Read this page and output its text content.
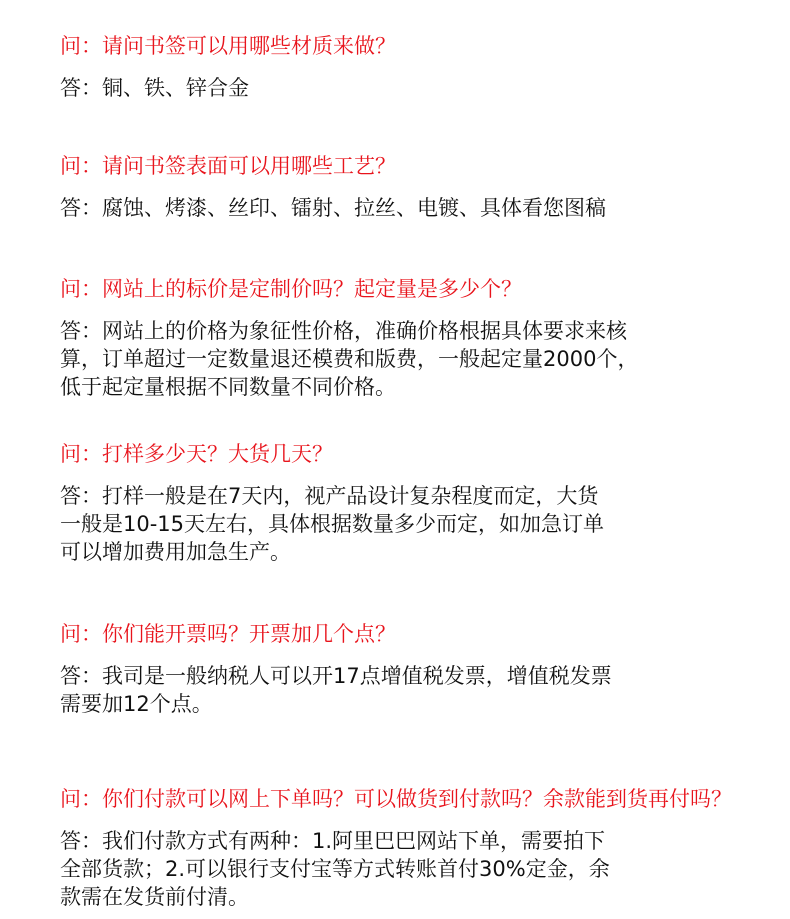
问：请问书签可以用哪些材质来做？
答：铜、铁、锌合金
问：请问书签表面可以用哪些工艺？
答：腐蚀、烤漆、丝印、镭射、拉丝、电镀、具体看您图稿
问：网站上的标价是定制价吗？起定量是多少个？
答：网站上的价格为象征性价格，准确价格根据具体要求来核
算，订单超过一定数量退还模费和版费，一般起定量2000个，
低于起定量根据不同数量不同价格。
问：打样多少天？大货几天？
答：打样一般是在7天内，视产品设计复杂程度而定，大货
一般是10-15天左右，具体根据数量多少而定，如加急订单
可以增加费用加急生产。
问：你们能开票吗？开票加几个点？
答：我司是一般纳税人可以开17点增值税发票，增值税发票
需要加12个点。
问：你们付款可以网上下单吗？可以做货到付款吗？余款能到货再付吗？
答：我们付款方式有两种：1.阿里巴巴网站下单，需要拍下
全部货款；2.可以银行支付宝等方式转账首付30%定金，余
款需在发货前付清。
